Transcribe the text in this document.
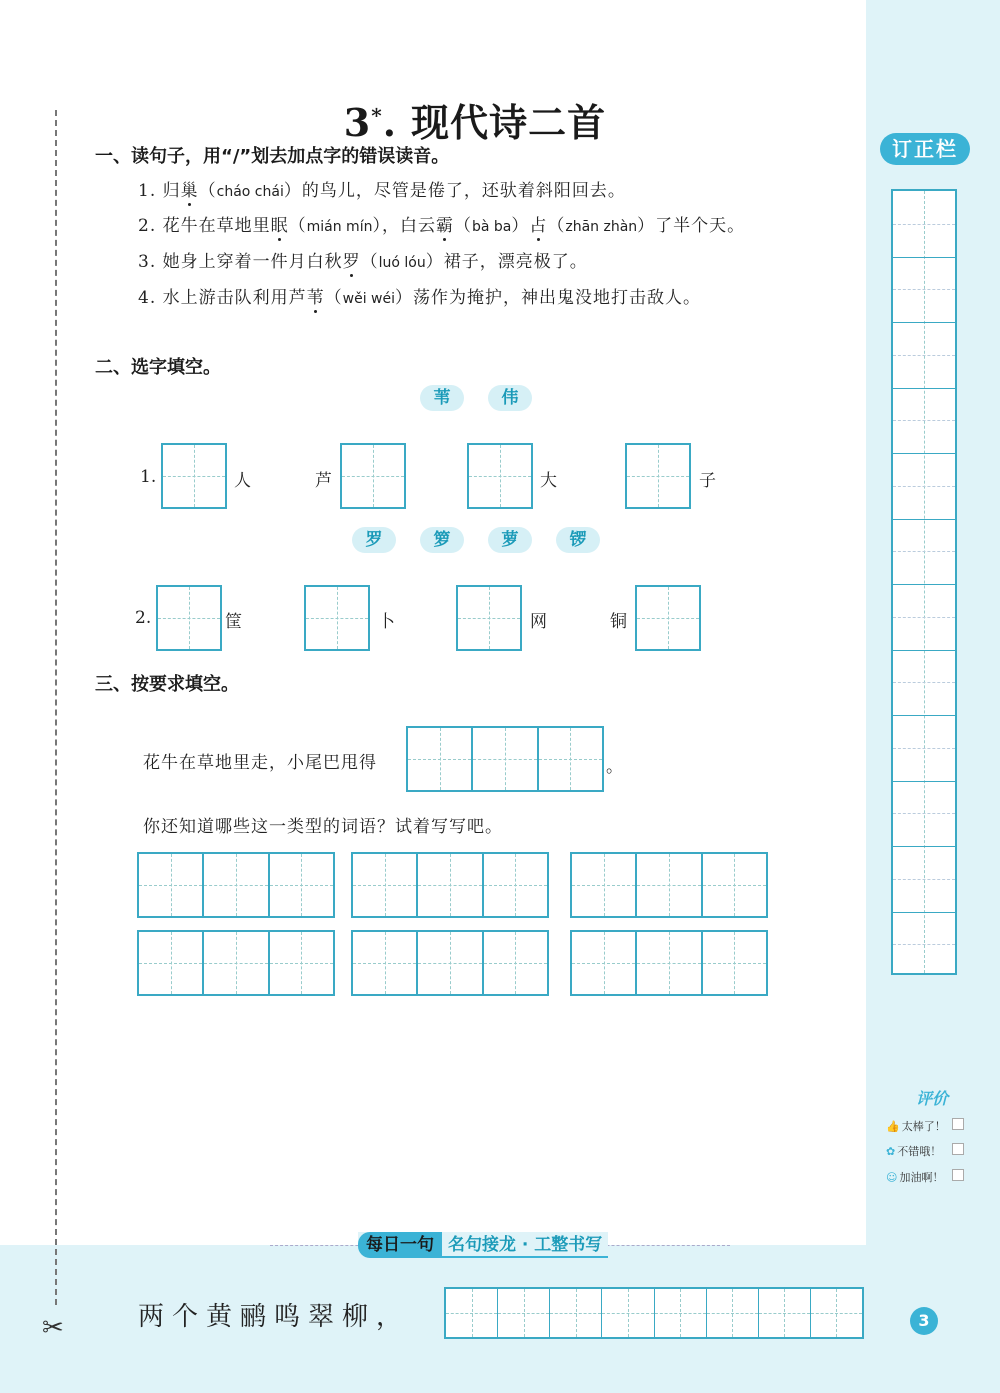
✂
3*. 现代诗二首
一、读句子，用“/”划去加点字的错误读音。
1. 归巢（cháo chái）的鸟儿，尽管是倦了，还驮着斜阳回去。
2. 花牛在草地里眠（mián mín），白云霸（bà ba）占（zhān zhàn）了半个天。
3. 她身上穿着一件月白秋罗（luó lóu）裙子，漂亮极了。
4. 水上游击队利用芦苇（wěi wéi）荡作为掩护，神出鬼没地打击敌人。
二、选字填空。
苇	伟
1.	人	芦	大	子
罗	箩	萝	锣
2.	筐	卜	网	铜
三、按要求填空。
花牛在草地里走，小尾巴甩得	。
你还知道哪些这一类型的词语？试着写写吧。
订正栏
评价
👍 太棒了！
✿ 不错哦！
☺ 加油啊！
每日一句 名句接龙 · 工整书写
两个黄鹂鸣翠柳，	3
